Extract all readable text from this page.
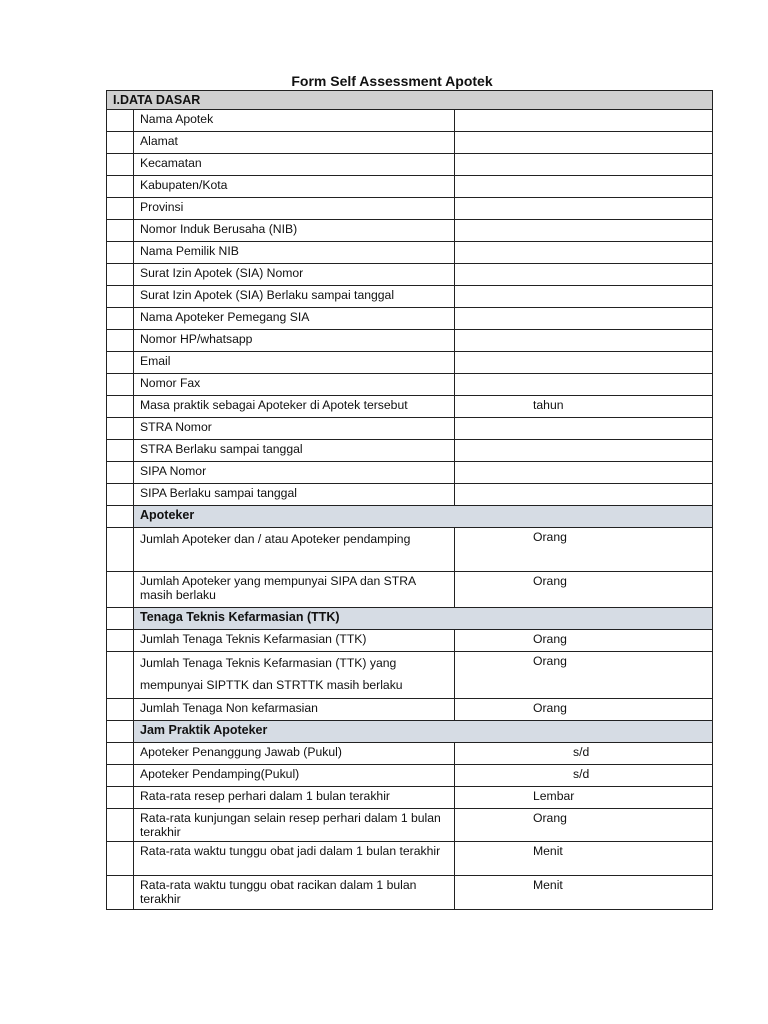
Form Self Assessment Apotek
I.DATA DASAR		
	Nama Apotek	
	Alamat	
	Kecamatan	
	Kabupaten/Kota	
	Provinsi	
	Nomor Induk Berusaha (NIB)	
	Nama Pemilik NIB	
	Surat Izin Apotek (SIA) Nomor	
	Surat Izin Apotek (SIA) Berlaku sampai tanggal	
	Nama Apoteker Pemegang SIA	
	Nomor HP/whatsapp	
	Email	
	Nomor Fax	
	Masa praktik sebagai Apoteker di Apotek tersebut	tahun
	STRA Nomor	
	STRA Berlaku sampai tanggal	
	SIPA Nomor	
	SIPA Berlaku sampai tanggal	
	Apoteker	
	Jumlah Apoteker dan / atau Apoteker pendamping	Orang
	Jumlah Apoteker yang mempunyai SIPA dan STRA masih berlaku	Orang
	Tenaga Teknis Kefarmasian (TTK)	
	Jumlah Tenaga Teknis Kefarmasian (TTK)	Orang
	Jumlah Tenaga Teknis Kefarmasian (TTK) yang mempunyai SIPTTK dan STRTTK masih berlaku	Orang
	Jumlah Tenaga Non kefarmasian	Orang
	Jam Praktik Apoteker	
	Apoteker Penanggung Jawab (Pukul)	s/d
	Apoteker Pendamping(Pukul)	s/d
	Rata-rata resep perhari dalam 1 bulan terakhir	Lembar
	Rata-rata kunjungan selain resep perhari dalam 1 bulan terakhir	Orang
	Rata-rata waktu tunggu obat jadi dalam 1 bulan terakhir	Menit
	Rata-rata waktu tunggu obat racikan dalam 1 bulan terakhir	Menit
